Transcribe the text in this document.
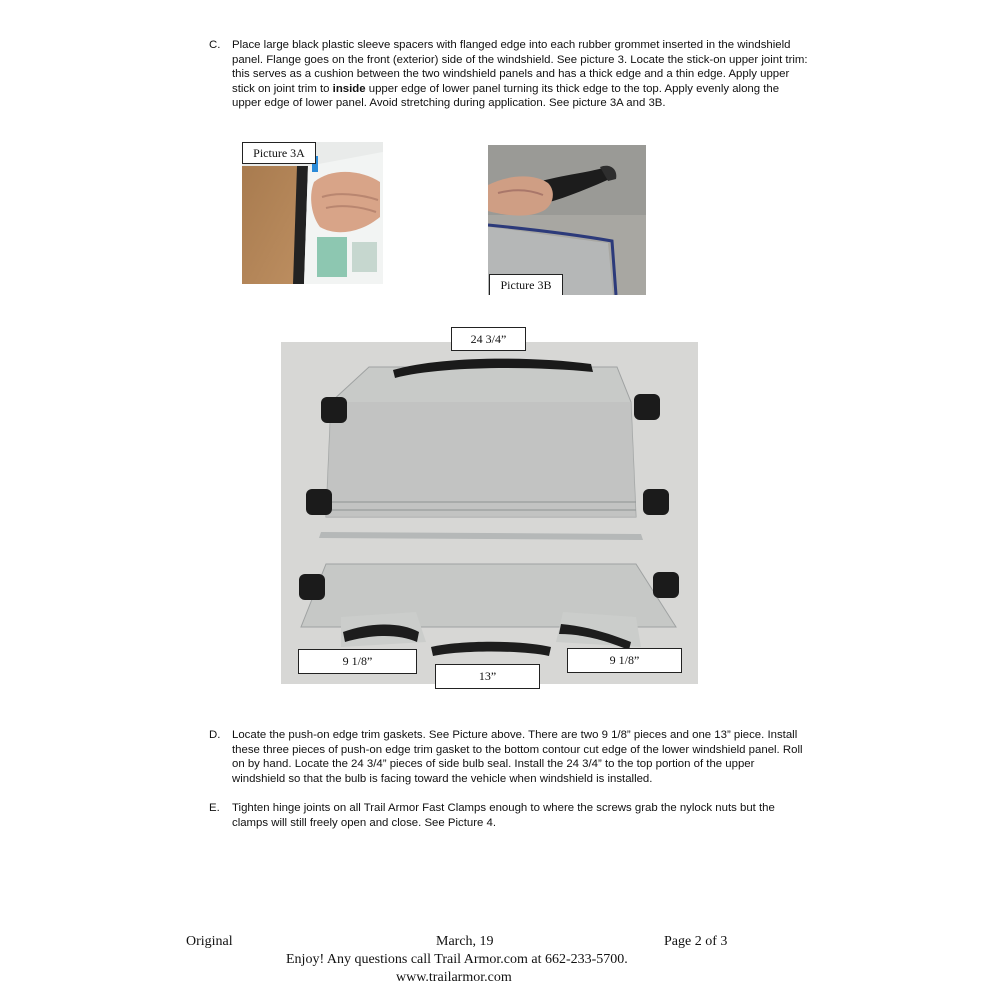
C. Place large black plastic sleeve spacers with flanged edge into each rubber grommet inserted in the windshield panel. Flange goes on the front (exterior) side of the windshield. See picture 3. Locate the stick-on upper joint trim: this serves as a cushion between the two windshield panels and has a thick edge and a thin edge. Apply upper stick on joint trim to inside upper edge of lower panel turning its thick edge to the top. Apply evenly along the upper edge of lower panel. Avoid stretching during application. See picture 3A and 3B.
Picture 3A
Picture 3B
24 3/4”
9 1/8”	9 1/8”
13”
D. Locate the push-on edge trim gaskets. See Picture above. There are two 9 1/8” pieces and one 13” piece. Install these three pieces of push-on edge trim gasket to the bottom contour cut edge of the lower windshield panel. Roll on by hand. Locate the 24 3/4” pieces of side bulb seal. Install the 24 3/4” to the top portion of the upper windshield so that the bulb is facing toward the vehicle when windshield is installed.
E. Tighten hinge joints on all Trail Armor Fast Clamps enough to where the screws grab the nylock nuts but the clamps will still freely open and close. See Picture 4.
Original	March, 19	Page 2 of 3
Enjoy! Any questions call Trail Armor.com at 662-233-5700.
www.trailarmor.com
